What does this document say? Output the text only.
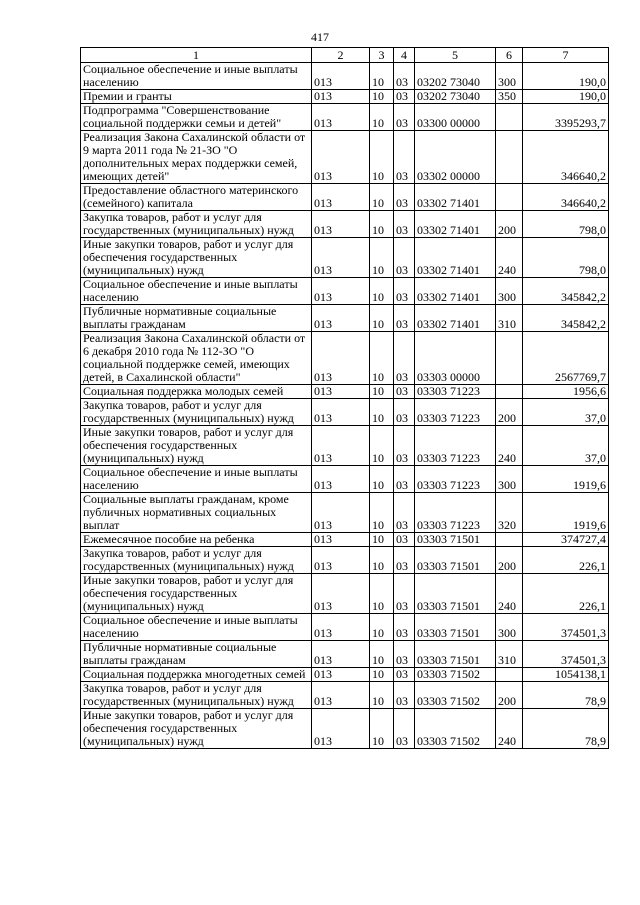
417
1	2	3	4	5	6	7
Социальное обеспечение и иные выплаты населению	013	10	03	03202 73040	300	190,0
Премии и гранты	013	10	03	03202 73040	350	190,0
Подпрограмма "Совершенствование социальной поддержки семьи и детей"	013	10	03	03300 00000		3395293,7
Реализация Закона Сахалинской области от 9 марта 2011 года № 21-ЗО "О дополнительных мерах поддержки семей, имеющих детей"	013	10	03	03302 00000		346640,2
Предоставление областного материнского (семейного) капитала	013	10	03	03302 71401		346640,2
Закупка товаров, работ и услуг для государственных (муниципальных) нужд	013	10	03	03302 71401	200	798,0
Иные закупки товаров, работ и услуг для обеспечения государственных (муниципальных) нужд	013	10	03	03302 71401	240	798,0
Социальное обеспечение и иные выплаты населению	013	10	03	03302 71401	300	345842,2
Публичные нормативные социальные выплаты гражданам	013	10	03	03302 71401	310	345842,2
Реализация Закона Сахалинской области от 6 декабря 2010 года № 112-ЗО "О социальной поддержке семей, имеющих детей, в Сахалинской области"	013	10	03	03303 00000		2567769,7
Социальная поддержка молодых семей	013	10	03	03303 71223		1956,6
Закупка товаров, работ и услуг для государственных (муниципальных) нужд	013	10	03	03303 71223	200	37,0
Иные закупки товаров, работ и услуг для обеспечения государственных (муниципальных) нужд	013	10	03	03303 71223	240	37,0
Социальное обеспечение и иные выплаты населению	013	10	03	03303 71223	300	1919,6
Социальные выплаты гражданам, кроме публичных нормативных социальных выплат	013	10	03	03303 71223	320	1919,6
Ежемесячное пособие на ребенка	013	10	03	03303 71501		374727,4
Закупка товаров, работ и услуг для государственных (муниципальных) нужд	013	10	03	03303 71501	200	226,1
Иные закупки товаров, работ и услуг для обеспечения государственных (муниципальных) нужд	013	10	03	03303 71501	240	226,1
Социальное обеспечение и иные выплаты населению	013	10	03	03303 71501	300	374501,3
Публичные нормативные социальные выплаты гражданам	013	10	03	03303 71501	310	374501,3
Социальная поддержка многодетных семей	013	10	03	03303 71502		1054138,1
Закупка товаров, работ и услуг для государственных (муниципальных) нужд	013	10	03	03303 71502	200	78,9
Иные закупки товаров, работ и услуг для обеспечения государственных (муниципальных) нужд	013	10	03	03303 71502	240	78,9
